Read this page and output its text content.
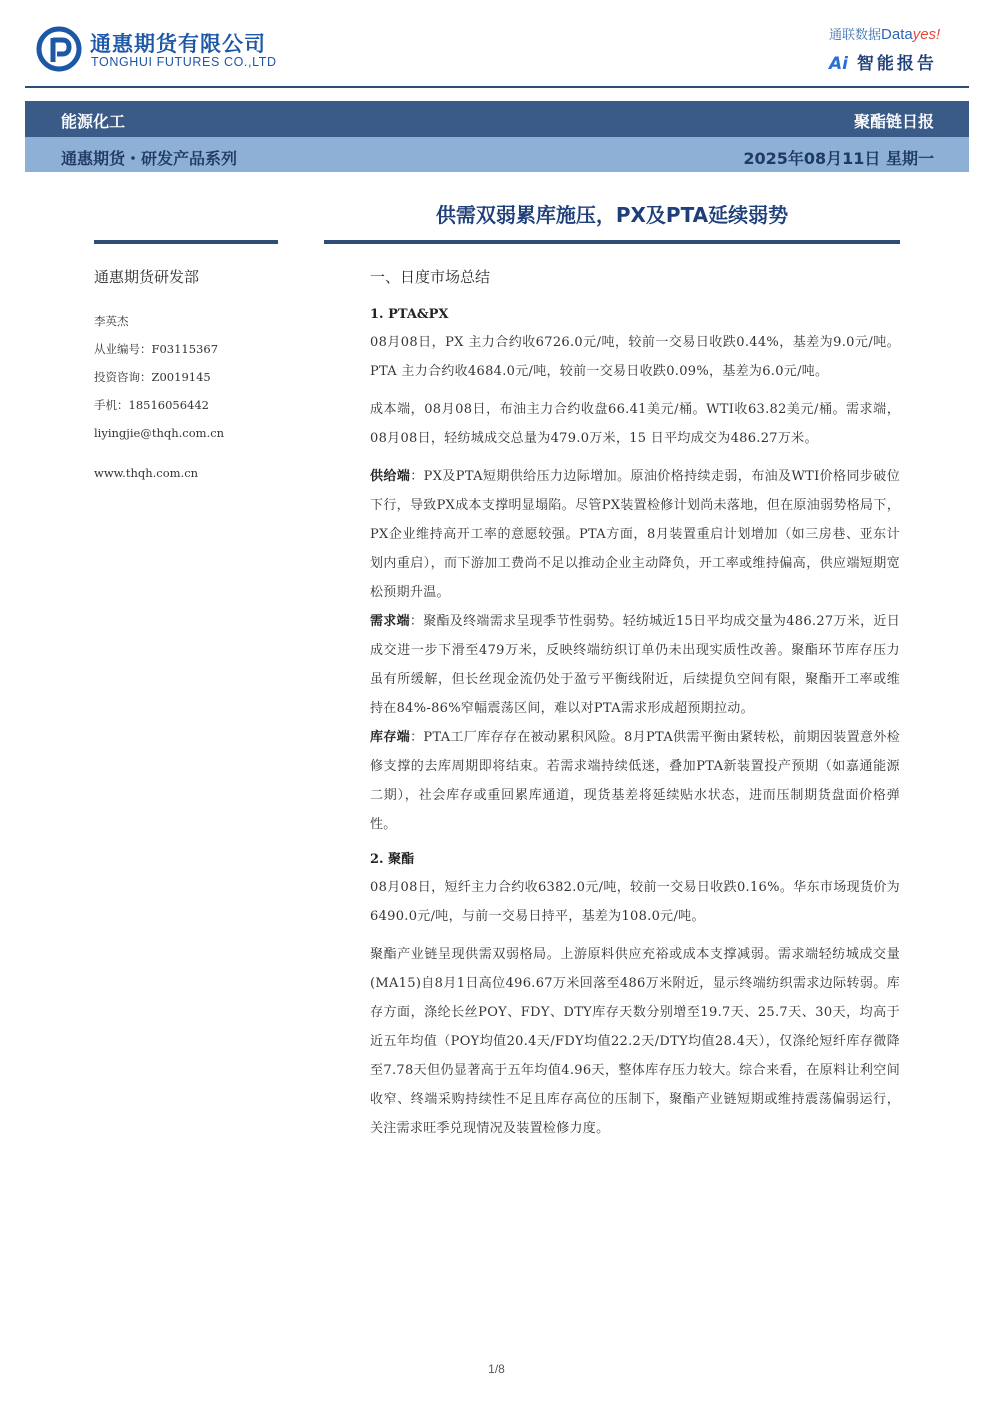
通惠期货有限公司
TONGHUI FUTURES CO.,LTD
通联数据Datayes!
Ai 智能报告
能源化工	聚酯链日报
通惠期货・研发产品系列	2025年08月11日 星期一
供需双弱累库施压，PX及PTA延续弱势
通惠期货研发部
李英杰
从业编号：F03115367
投资咨询：Z0019145
手机：18516056442
liyingjie@thqh.com.cn
www.thqh.com.cn
一、日度市场总结
1. PTA&PX

08月08日，PX 主力合约收6726.0元/吨，较前一交易日收跌0.44%，基差为9.0元/吨。PTA 主力合约收4684.0元/吨，较前一交易日收跌0.09%，基差为6.0元/吨。

成本端，08月08日，布油主力合约收盘66.41美元/桶。WTI收63.82美元/桶。需求端，08月08日，轻纺城成交总量为479.0万米，15 日平均成交为486.27万米。

供给端：PX及PTA短期供给压力边际增加。原油价格持续走弱，布油及WTI价格同步破位下行，导致PX成本支撑明显塌陷。尽管PX装置检修计划尚未落地，但在原油弱势格局下，PX企业维持高开工率的意愿较强。PTA方面，8月装置重启计划增加（如三房巷、亚东计划内重启），而下游加工费尚不足以推动企业主动降负，开工率或维持偏高，供应端短期宽松预期升温。

需求端：聚酯及终端需求呈现季节性弱势。轻纺城近15日平均成交量为486.27万米，近日成交进一步下滑至479万米，反映终端纺织订单仍未出现实质性改善。聚酯环节库存压力虽有所缓解，但长丝现金流仍处于盈亏平衡线附近，后续提负空间有限，聚酯开工率或维持在84%-86%窄幅震荡区间，难以对PTA需求形成超预期拉动。

库存端：PTA工厂库存存在被动累积风险。8月PTA供需平衡由紧转松，前期因装置意外检修支撑的去库周期即将结束。若需求端持续低迷，叠加PTA新装置投产预期（如嘉通能源二期），社会库存或重回累库通道，现货基差将延续贴水状态，进而压制期货盘面价格弹性。

2. 聚酯

08月08日，短纤主力合约收6382.0元/吨，较前一交易日收跌0.16%。华东市场现货价为6490.0元/吨，与前一交易日持平，基差为108.0元/吨。

聚酯产业链呈现供需双弱格局。上游原料供应充裕或成本支撑减弱。需求端轻纺城成交量(MA15)自8月1日高位496.67万米回落至486万米附近，显示终端纺织需求边际转弱。库存方面，涤纶长丝POY、FDY、DTY库存天数分别增至19.7天、25.7天、30天，均高于近五年均值（POY均值20.4天/FDY均值22.2天/DTY均值28.4天），仅涤纶短纤库存微降至7.78天但仍显著高于五年均值4.96天，整体库存压力较大。综合来看，在原料让利空间收窄、终端采购持续性不足且库存高位的压制下，聚酯产业链短期或维持震荡偏弱运行，关注需求旺季兑现情况及装置检修力度。

1/8
